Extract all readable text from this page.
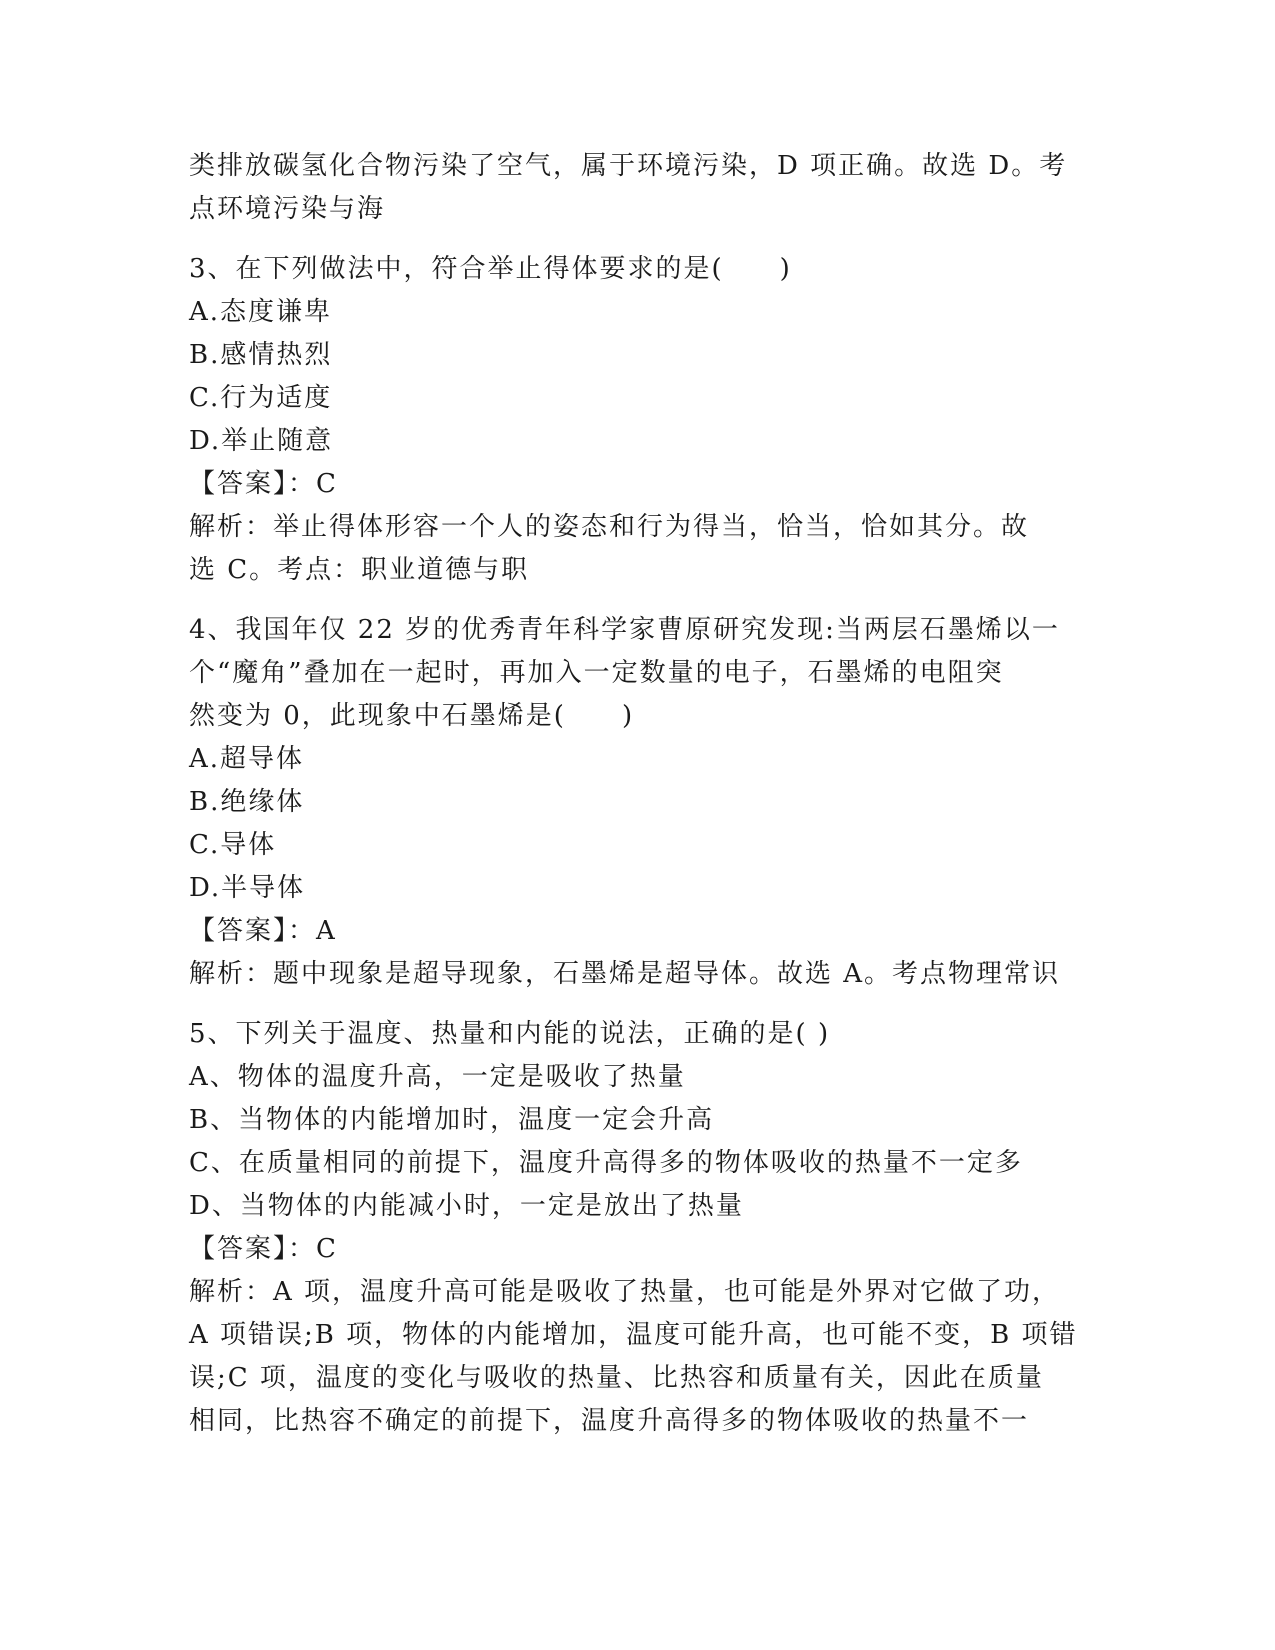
类排放碳氢化合物污染了空气，属于环境污染，D 项正确。故选 D。考
点环境污染与海
3、在下列做法中，符合举止得体要求的是(　　)
A.态度谦卑
B.感情热烈
C.行为适度
D.举止随意
【答案】：C
解析：举止得体形容一个人的姿态和行为得当，恰当，恰如其分。故
选 C。考点：职业道德与职
4、我国年仅 22 岁的优秀青年科学家曹原研究发现:当两层石墨烯以一
个“魔角”叠加在一起时，再加入一定数量的电子，石墨烯的电阻突
然变为 0，此现象中石墨烯是(　　)
A.超导体
B.绝缘体
C.导体
D.半导体
【答案】：A
解析：题中现象是超导现象，石墨烯是超导体。故选 A。考点物理常识
5、下列关于温度、热量和内能的说法，正确的是( )
A、物体的温度升高，一定是吸收了热量
B、当物体的内能增加时，温度一定会升高
C、在质量相同的前提下，温度升高得多的物体吸收的热量不一定多
D、当物体的内能减小时，一定是放出了热量
【答案】：C
解析：A 项，温度升高可能是吸收了热量，也可能是外界对它做了功，
A 项错误;B 项，物体的内能增加，温度可能升高，也可能不变，B 项错
误;C 项，温度的变化与吸收的热量、比热容和质量有关，因此在质量
相同，比热容不确定的前提下，温度升高得多的物体吸收的热量不一
